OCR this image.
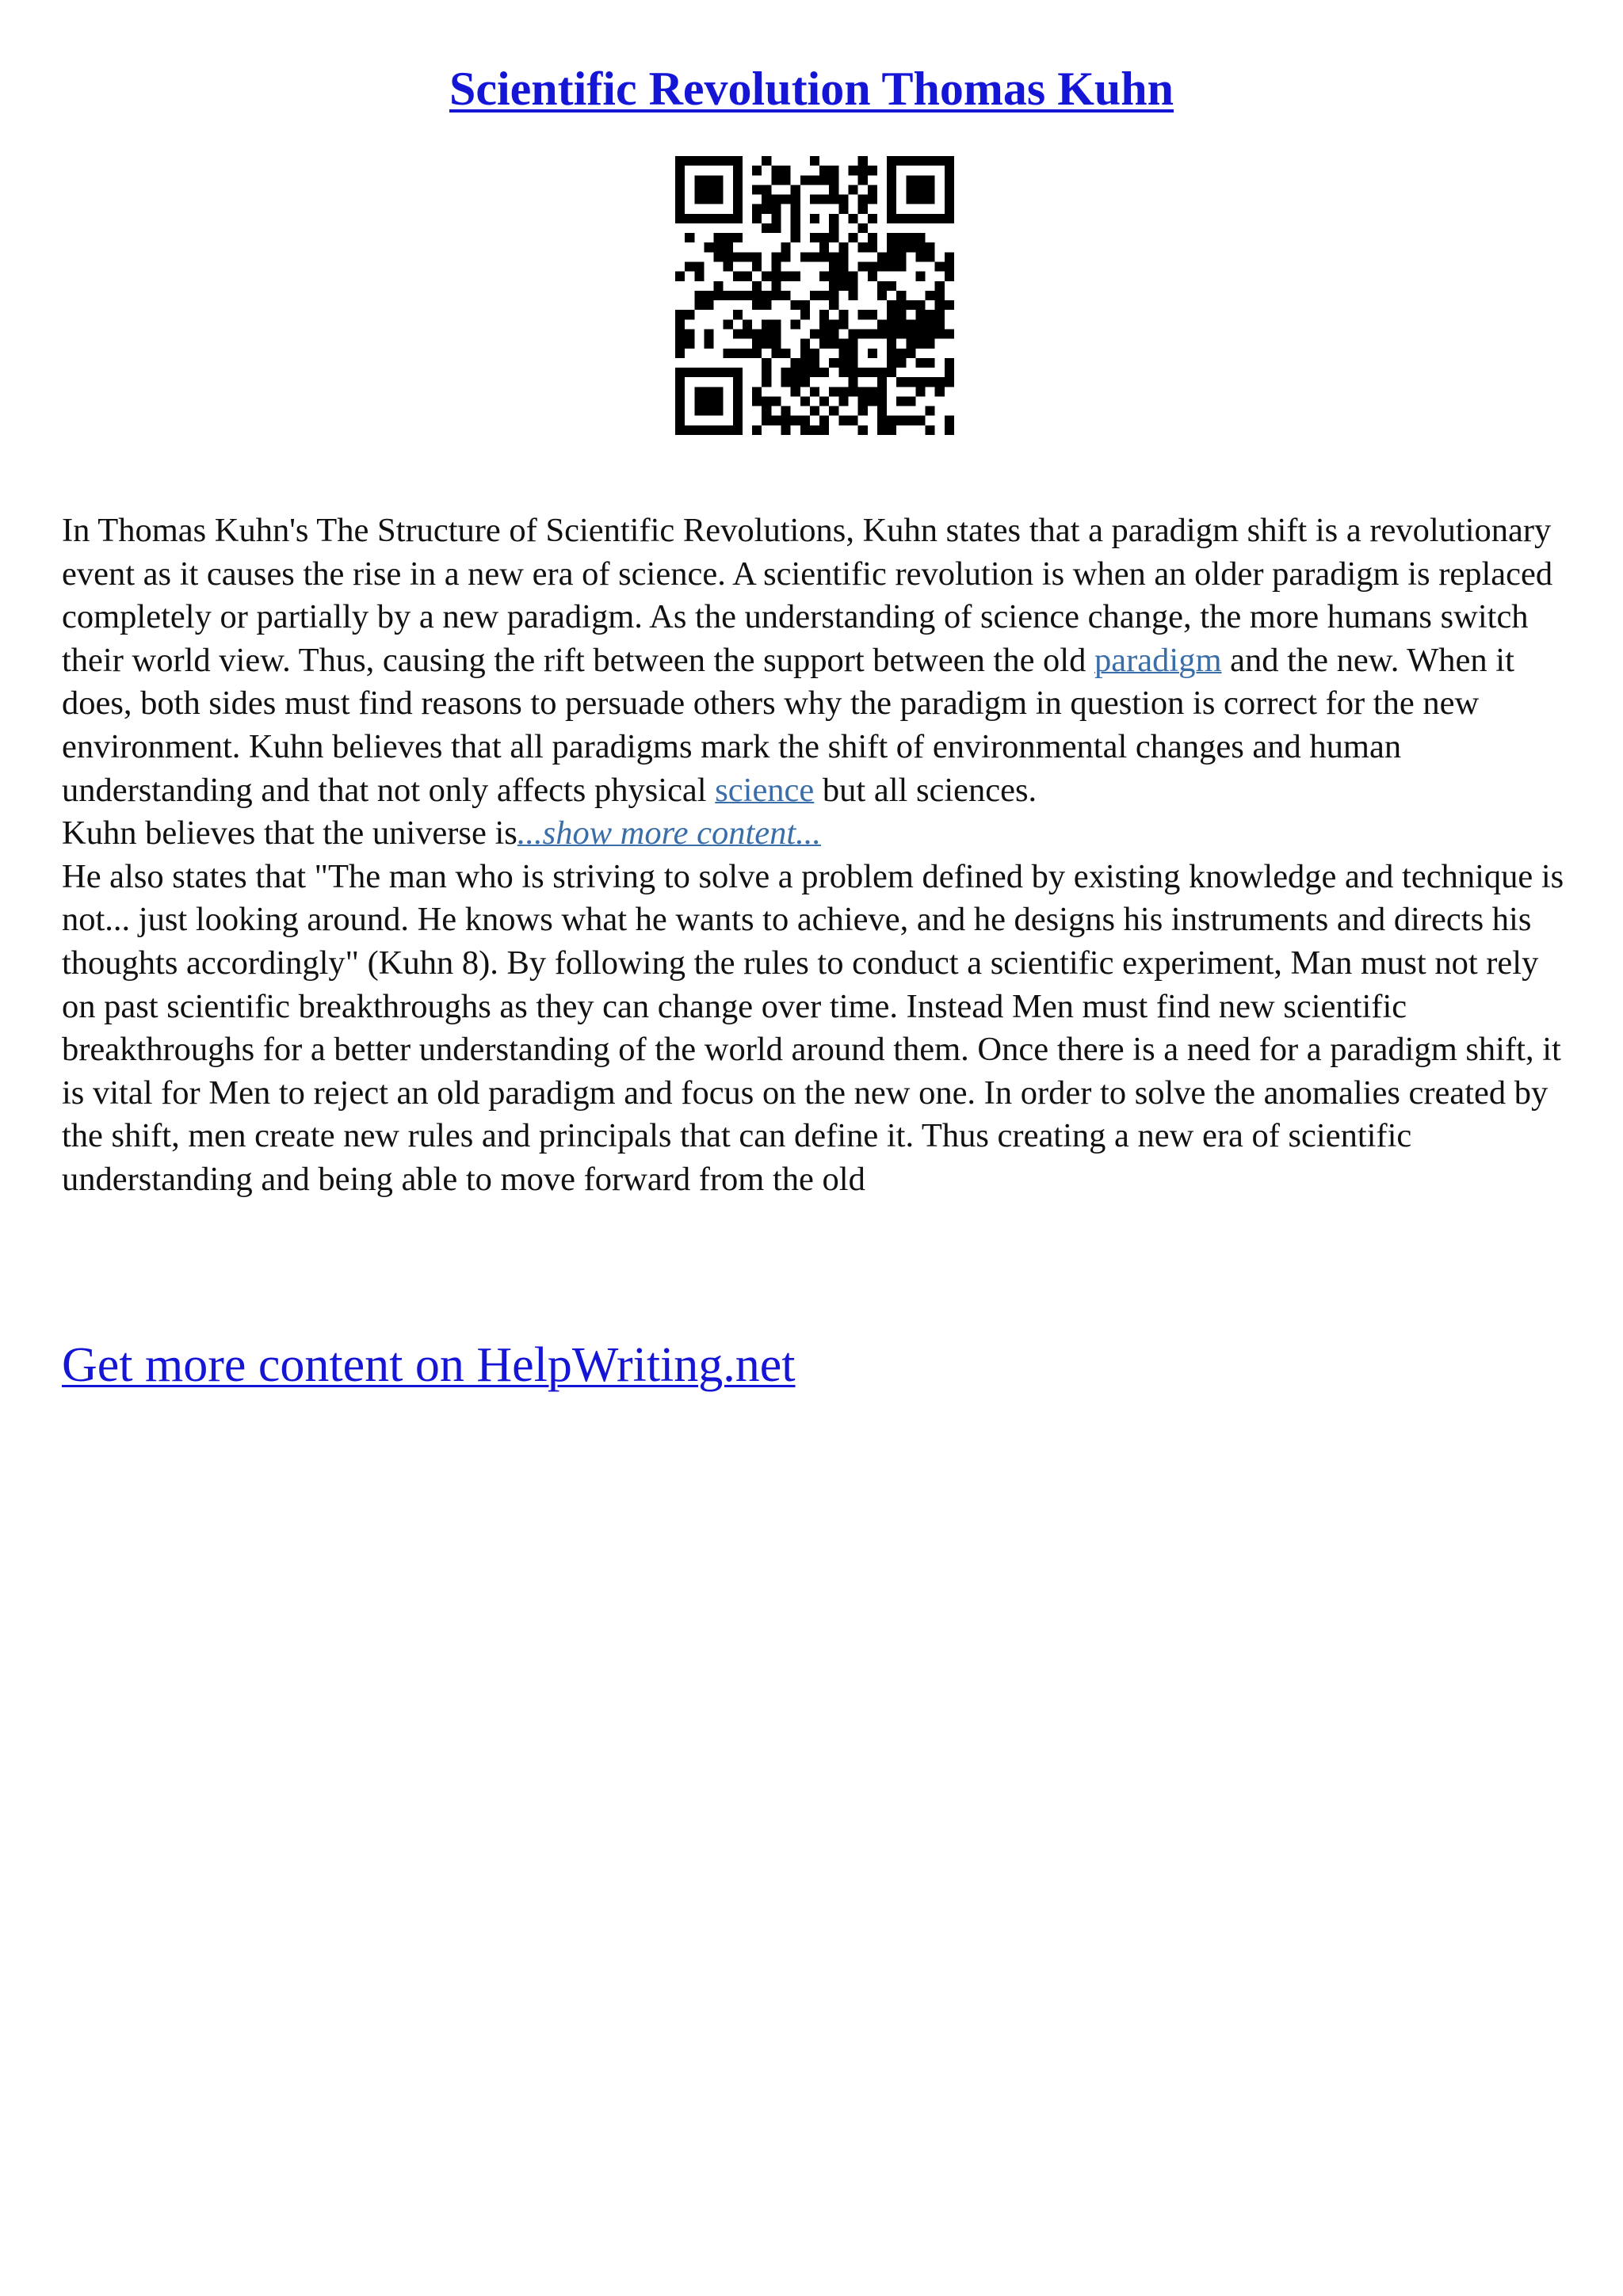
Scientific Revolution Thomas Kuhn

In Thomas Kuhn's The Structure of Scientific Revolutions, Kuhn states that a paradigm shift is a revolutionary event as it causes the rise in a new era of science. A scientific revolution is when an older paradigm is replaced completely or partially by a new paradigm. As the understanding of science change, the more humans switch their world view. Thus, causing the rift between the support between the old paradigm and the new. When it does, both sides must find reasons to persuade others why the paradigm in question is correct for the new environment. Kuhn believes that all paradigms mark the shift of environmental changes and human understanding and that not only affects physical science but all sciences.

Kuhn believes that the universe is...show more content...

He also states that "The man who is striving to solve a problem defined by existing knowledge and technique is not... just looking around. He knows what he wants to achieve, and he designs his instruments and directs his thoughts accordingly" (Kuhn 8). By following the rules to conduct a scientific experiment, Man must not rely on past scientific breakthroughs as they can change over time. Instead Men must find new scientific breakthroughs for a better understanding of the world around them. Once there is a need for a paradigm shift, it is vital for Men to reject an old paradigm and focus on the new one. In order to solve the anomalies created by the shift, men create new rules and principals that can define it. Thus creating a new era of scientific understanding and being able to move forward from the old

Get more content on HelpWriting.net
